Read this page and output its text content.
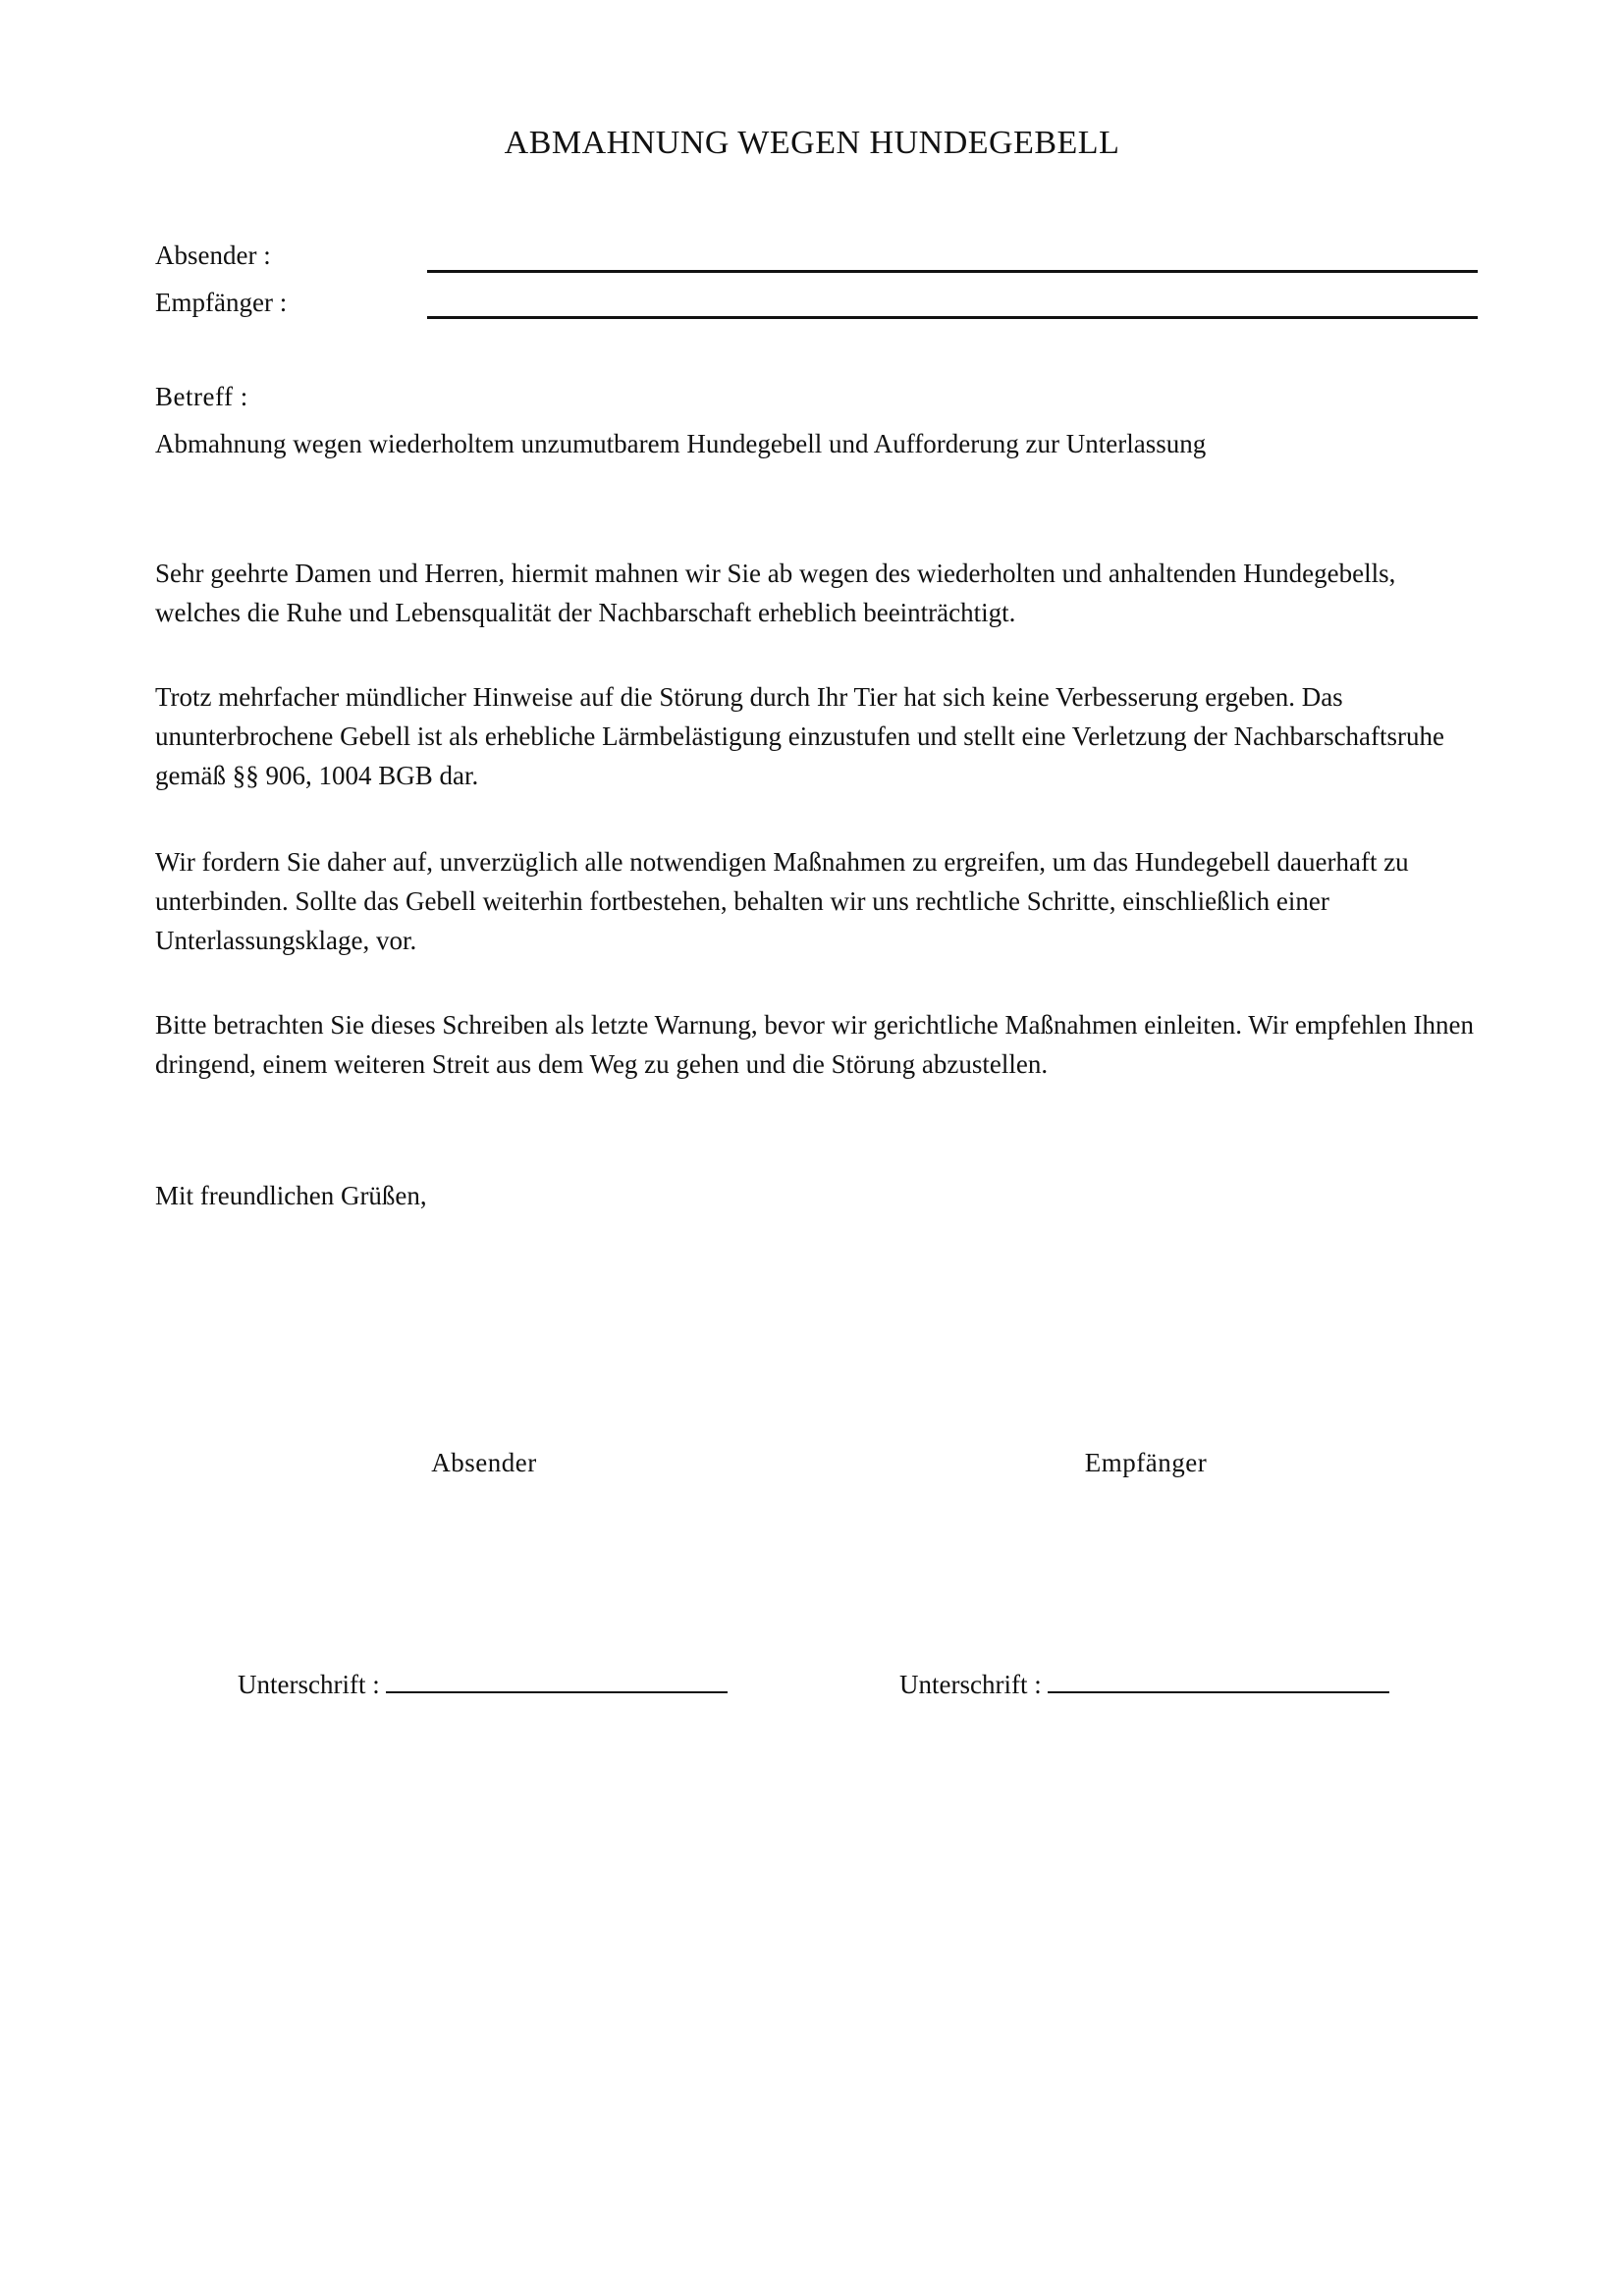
ABMAHNUNG WEGEN HUNDEGEBELL
Absender :
Empfänger :
Betreff :
Abmahnung wegen wiederholtem unzumutbarem Hundegebell und Aufforderung zur Unterlassung
Sehr geehrte Damen und Herren, hiermit mahnen wir Sie ab wegen des wiederholten und anhaltenden Hundegebells, welches die Ruhe und Lebensqualität der Nachbarschaft erheblich beeinträchtigt.
Trotz mehrfacher mündlicher Hinweise auf die Störung durch Ihr Tier hat sich keine Verbesserung ergeben. Das ununterbrochene Gebell ist als erhebliche Lärmbelästigung einzustufen und stellt eine Verletzung der Nachbarschaftsruhe gemäß §§ 906, 1004 BGB dar.
Wir fordern Sie daher auf, unverzüglich alle notwendigen Maßnahmen zu ergreifen, um das Hundegebell dauerhaft zu unterbinden. Sollte das Gebell weiterhin fortbestehen, behalten wir uns rechtliche Schritte, einschließlich einer Unterlassungsklage, vor.
Bitte betrachten Sie dieses Schreiben als letzte Warnung, bevor wir gerichtliche Maßnahmen einleiten. Wir empfehlen Ihnen dringend, einem weiteren Streit aus dem Weg zu gehen und die Störung abzustellen.
Mit freundlichen Grüßen,
Absender	Empfänger
Unterschrift :	Unterschrift :
